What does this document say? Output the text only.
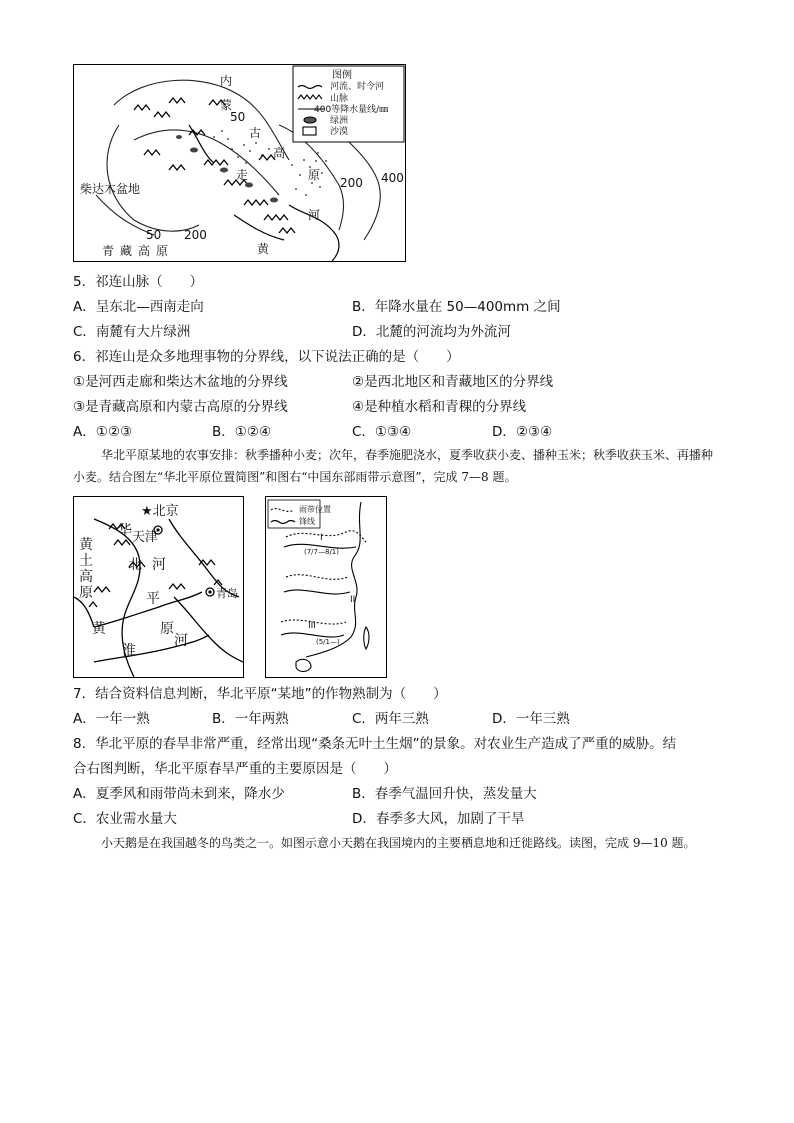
图例
河流、时令河
山脉
400等降水量线/㎜
绿洲
沙漠
内
蒙
古
高
原
走
河
柴达木盆地
青藏高原	黄
50
50
200
200
400
5．祁连山脉（　　）
A．呈东北—西南走向	B．年降水量在 50—400mm 之间
C．南麓有大片绿洲	D．北麓的河流均为外流河
6．祁连山是众多地理事物的分界线，以下说法正确的是（　　）
①是河西走廊和柴达木盆地的分界线	②是西北地区和青藏地区的分界线
③是青藏高原和内蒙古高原的分界线	④是种植水稻和青稞的分界线
A．①②③	B．①②④	C．①③④	D．②③④
华北平原某地的农事安排：秋季播种小麦；次年，春季施肥浇水，夏季收获小麦、播种玉米；秋季收获玉米、再播种小麦。结合图左“华北平原位置简图”和图右“中国东部雨带示意图”，完成 7—8 题。
★北京
天津
青岛
黄土高原
华
北 河
平
原
黄
淮
河
雨带位置
锋线
I
(7/7—8/1)
II
III
(5/1—)
7．结合资料信息判断，华北平原“某地”的作物熟制为（　　）
A．一年一熟	B．一年两熟	C．两年三熟	D．一年三熟
8．华北平原的春旱非常严重，经常出现“桑条无叶土生烟”的景象。对农业生产造成了严重的威胁。结
合右图判断，华北平原春旱严重的主要原因是（　　）
A．夏季风和雨带尚未到来，降水少	B．春季气温回升快，蒸发量大
C．农业需水量大	D．春季多大风，加剧了干旱
小天鹅是在我国越冬的鸟类之一。如图示意小天鹅在我国境内的主要栖息地和迁徙路线。读图，完成 9—10 题。
